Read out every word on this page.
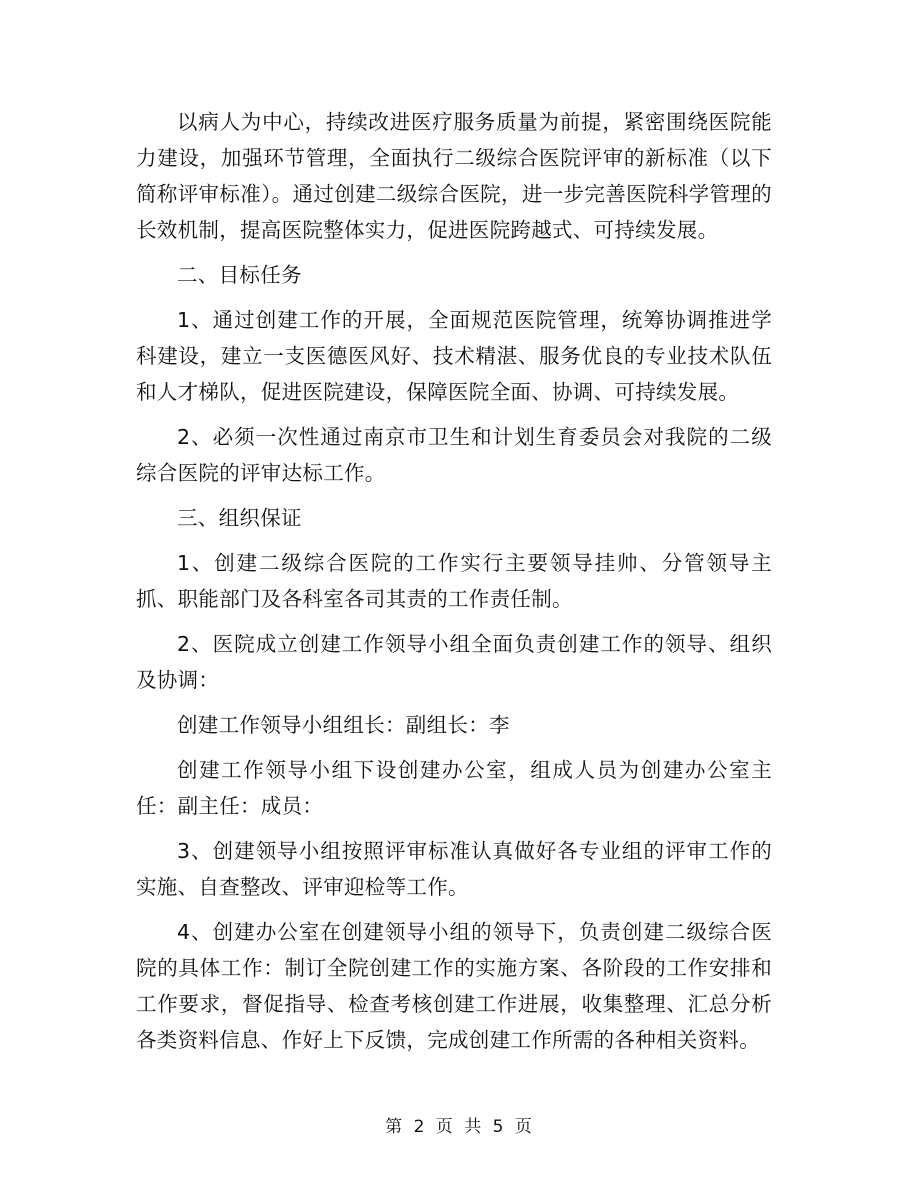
以病人为中心，持续改进医疗服务质量为前提，紧密围绕医院能力建设，加强环节管理，全面执行二级综合医院评审的新标准（以下简称评审标准）。通过创建二级综合医院，进一步完善医院科学管理的长效机制，提高医院整体实力，促进医院跨越式、可持续发展。

二、目标任务

1、通过创建工作的开展，全面规范医院管理，统筹协调推进学科建设，建立一支医德医风好、技术精湛、服务优良的专业技术队伍和人才梯队，促进医院建设，保障医院全面、协调、可持续发展。

2、必须一次性通过南京市卫生和计划生育委员会对我院的二级综合医院的评审达标工作。

三、组织保证

1、创建二级综合医院的工作实行主要领导挂帅、分管领导主抓、职能部门及各科室各司其责的工作责任制。

2、医院成立创建工作领导小组全面负责创建工作的领导、组织及协调：

创建工作领导小组组长：副组长：李

创建工作领导小组下设创建办公室，组成人员为创建办公室主任：副主任：成员：

3、创建领导小组按照评审标准认真做好各专业组的评审工作的实施、自查整改、评审迎检等工作。

4、创建办公室在创建领导小组的领导下，负责创建二级综合医院的具体工作：制订全院创建工作的实施方案、各阶段的工作安排和工作要求，督促指导、检查考核创建工作进展，收集整理、汇总分析各类资料信息、作好上下反馈，完成创建工作所需的各种相关资料。

第 2 页 共 5 页
